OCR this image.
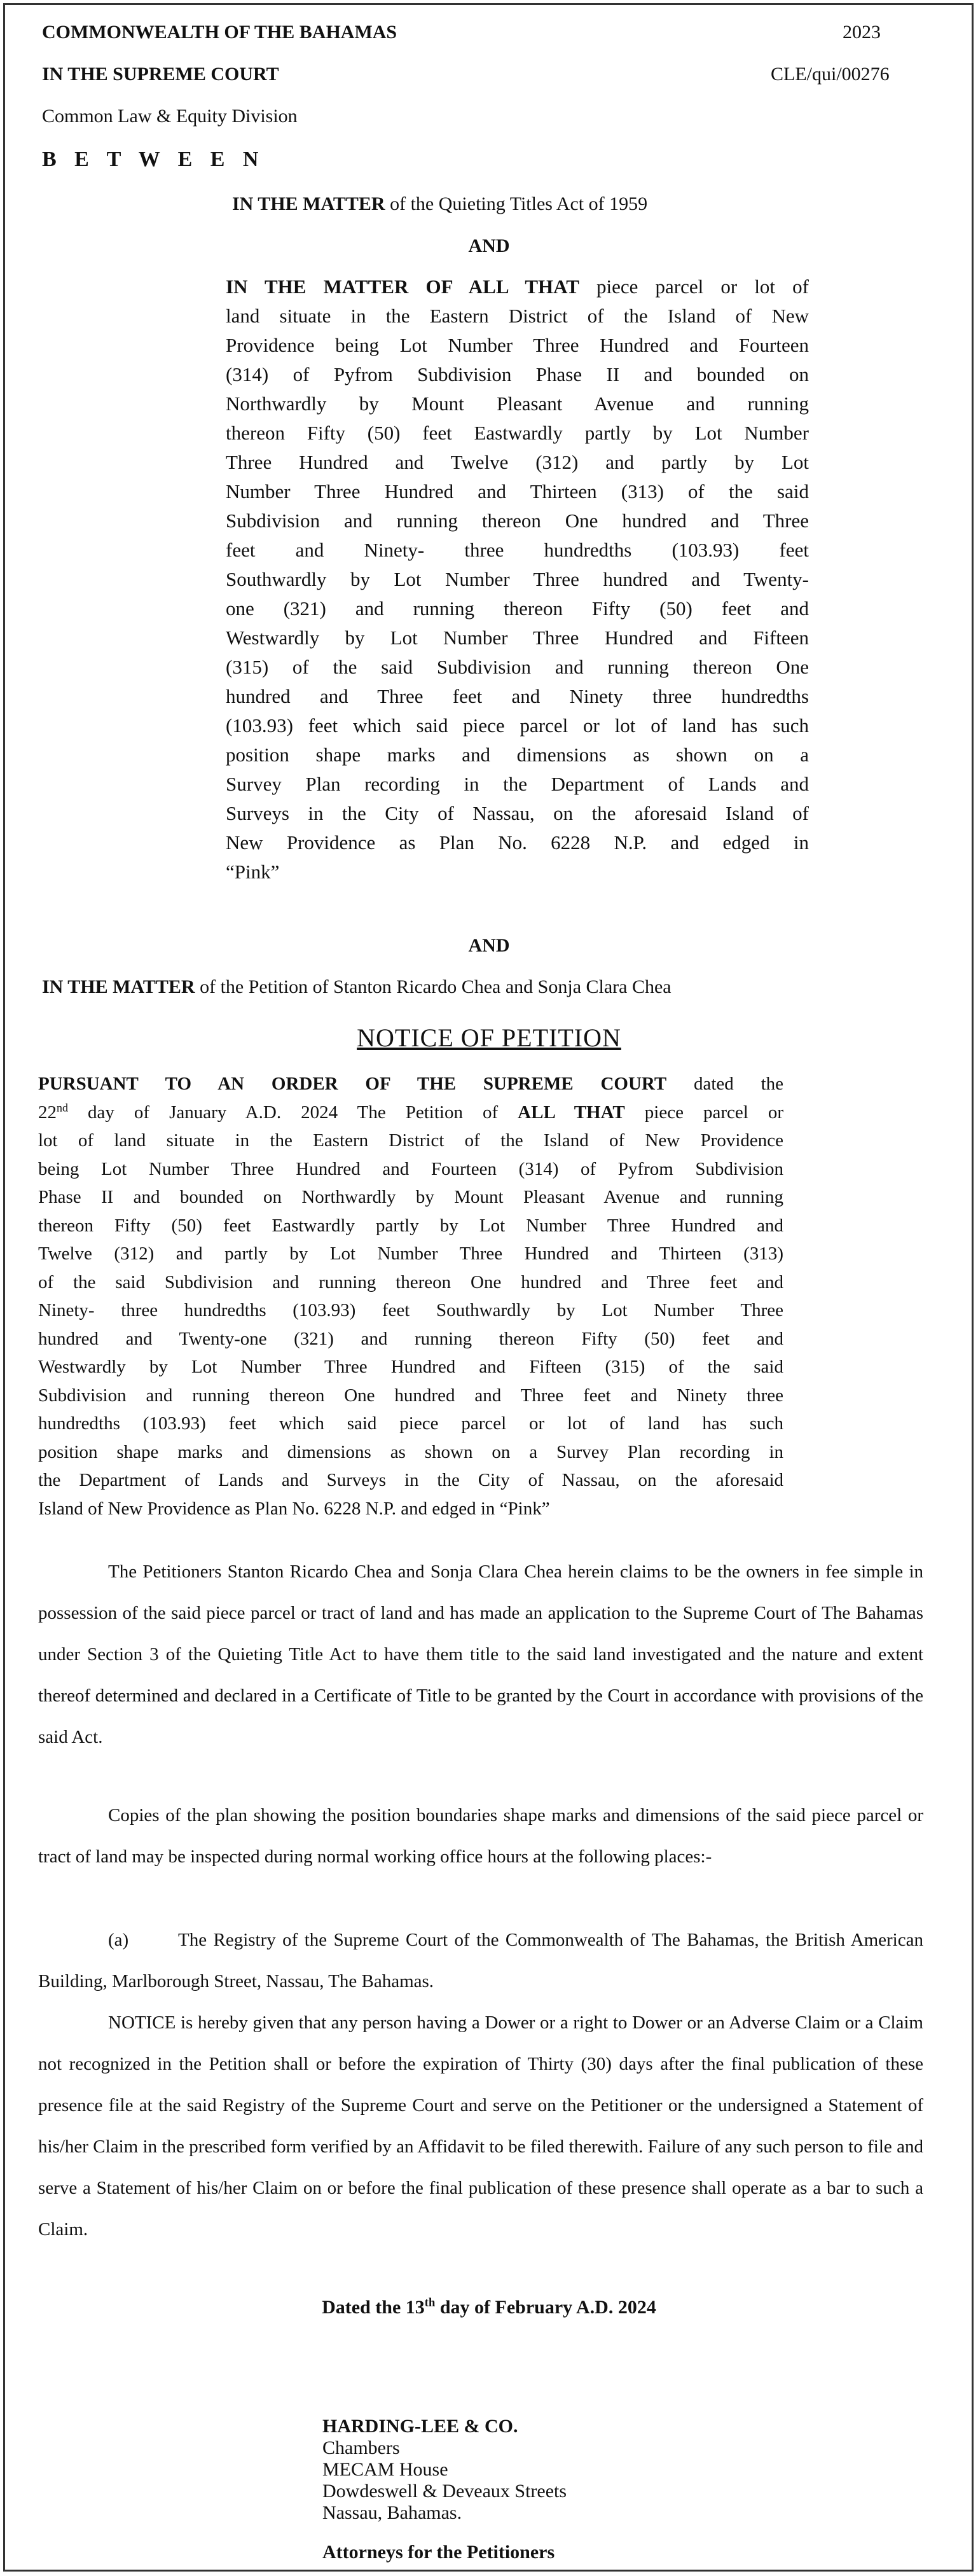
COMMONWEALTH OF THE BAHAMAS	2023

IN THE SUPREME COURT	CLE/qui/00276

Common Law & Equity Division

B E T W E E N

IN THE MATTER of the Quieting Titles Act of 1959

AND

IN THE MATTER OF ALL THAT piece parcel or lot of
land situate in the Eastern District of the Island of New
Providence being Lot Number Three Hundred and Fourteen
(314) of Pyfrom Subdivision Phase II and bounded on
Northwardly by Mount Pleasant Avenue and running
thereon Fifty (50) feet Eastwardly partly by Lot Number
Three Hundred and Twelve (312) and partly by Lot
Number Three Hundred and Thirteen (313) of the said
Subdivision and running thereon One hundred and Three
feet and Ninety- three hundredths (103.93) feet
Southwardly by Lot Number Three hundred and Twenty-
one (321) and running thereon Fifty (50) feet and
Westwardly by Lot Number Three Hundred and Fifteen
(315) of the said Subdivision and running thereon One
hundred and Three feet and Ninety three hundredths
(103.93) feet which said piece parcel or lot of land has such
position shape marks and dimensions as shown on a
Survey Plan recording in the Department of Lands and
Surveys in the City of Nassau, on the aforesaid Island of
New Providence as Plan No. 6228 N.P. and edged in
“Pink”

AND

IN THE MATTER of the Petition of Stanton Ricardo Chea and Sonja Clara Chea

NOTICE OF PETITION
PURSUANT TO AN ORDER OF THE SUPREME COURT dated the
22nd day of January A.D. 2024 The Petition of ALL THAT piece parcel or
lot of land situate in the Eastern District of the Island of New Providence
being Lot Number Three Hundred and Fourteen (314) of Pyfrom Subdivision
Phase II and bounded on Northwardly by Mount Pleasant Avenue and running
thereon Fifty (50) feet Eastwardly partly by Lot Number Three Hundred and
Twelve (312) and partly by Lot Number Three Hundred and Thirteen (313)
of the said Subdivision and running thereon One hundred and Three feet and
Ninety- three hundredths (103.93) feet Southwardly by Lot Number Three
hundred and Twenty-one (321) and running thereon Fifty (50) feet and
Westwardly by Lot Number Three Hundred and Fifteen (315) of the said
Subdivision and running thereon One hundred and Three feet and Ninety three
hundredths (103.93) feet which said piece parcel or lot of land has such
position shape marks and dimensions as shown on a Survey Plan recording in
the Department of Lands and Surveys in the City of Nassau, on the aforesaid
Island of New Providence as Plan No. 6228 N.P. and edged in “Pink”

The Petitioners Stanton Ricardo Chea and Sonja Clara Chea herein claims to be the owners in fee simple in possession of the said piece parcel or tract of land and has made an application to the Supreme Court of The Bahamas under Section 3 of the Quieting Title Act to have them title to the said land investigated and the nature and extent thereof determined and declared in a Certificate of Title to be granted by the Court in accordance with provisions of the said Act.

Copies of the plan showing the position boundaries shape marks and dimensions of the said piece parcel or tract of land may be inspected during normal working office hours at the following places:-

(a)	The Registry of the Supreme Court of the Commonwealth of The Bahamas, the British American Building, Marlborough Street, Nassau, The Bahamas.

NOTICE is hereby given that any person having a Dower or a right to Dower or an Adverse Claim or a Claim not recognized in the Petition shall or before the expiration of Thirty (30) days after the final publication of these presence file at the said Registry of the Supreme Court and serve on the Petitioner or the undersigned a Statement of his/her Claim in the prescribed form verified by an Affidavit to be filed therewith. Failure of any such person to file and serve a Statement of his/her Claim on or before the final publication of these presence shall operate as a bar to such a Claim.

Dated the 13th day of February A.D. 2024

HARDING-LEE & CO.

Chambers

MECAM House

Dowdeswell & Deveaux Streets

Nassau, Bahamas.

Attorneys for the Petitioners
